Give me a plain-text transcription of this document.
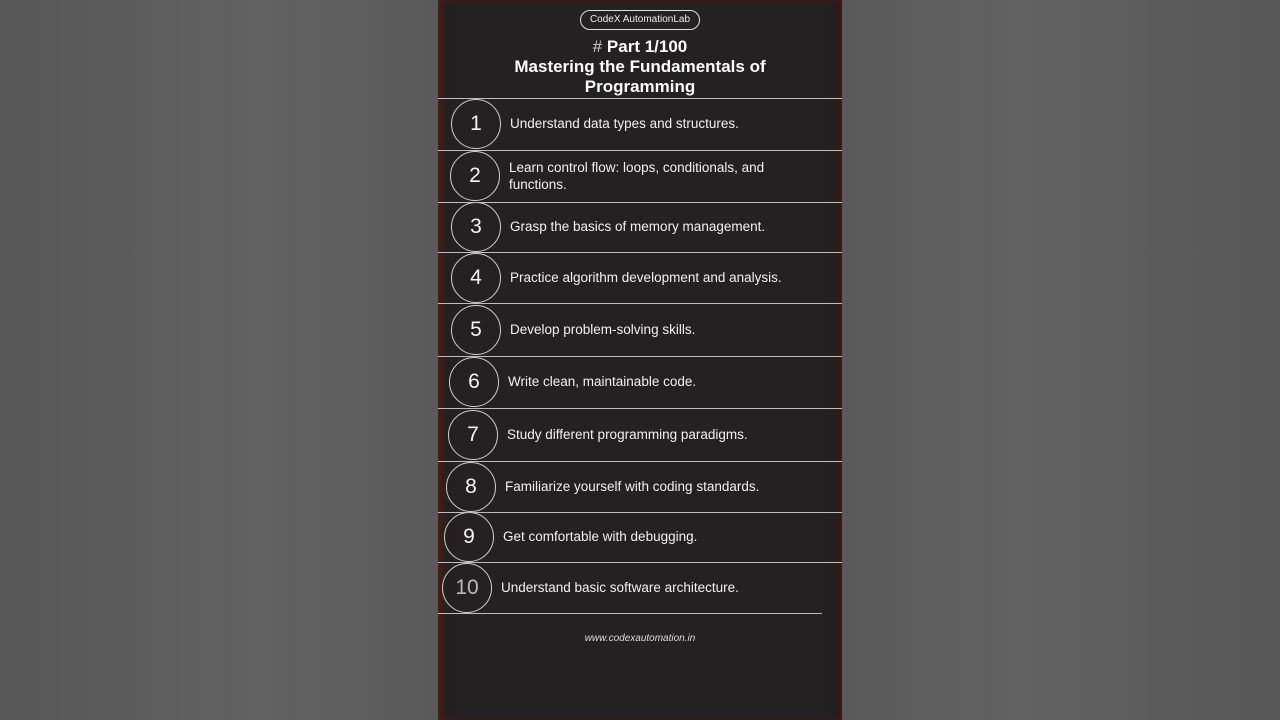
CodeX AutomationLab
# Part 1/100
Mastering the Fundamentals of
Programming
1	Understand data types and structures.
2	Learn control flow: loops, conditionals, and functions.
3	Grasp the basics of memory management.
4	Practice algorithm development and analysis.
5	Develop problem-solving skills.
6	Write clean, maintainable code.
7	Study different programming paradigms.
8	Familiarize yourself with coding standards.
9	Get comfortable with debugging.
10	Understand basic software architecture.
www.codexautomation.in
